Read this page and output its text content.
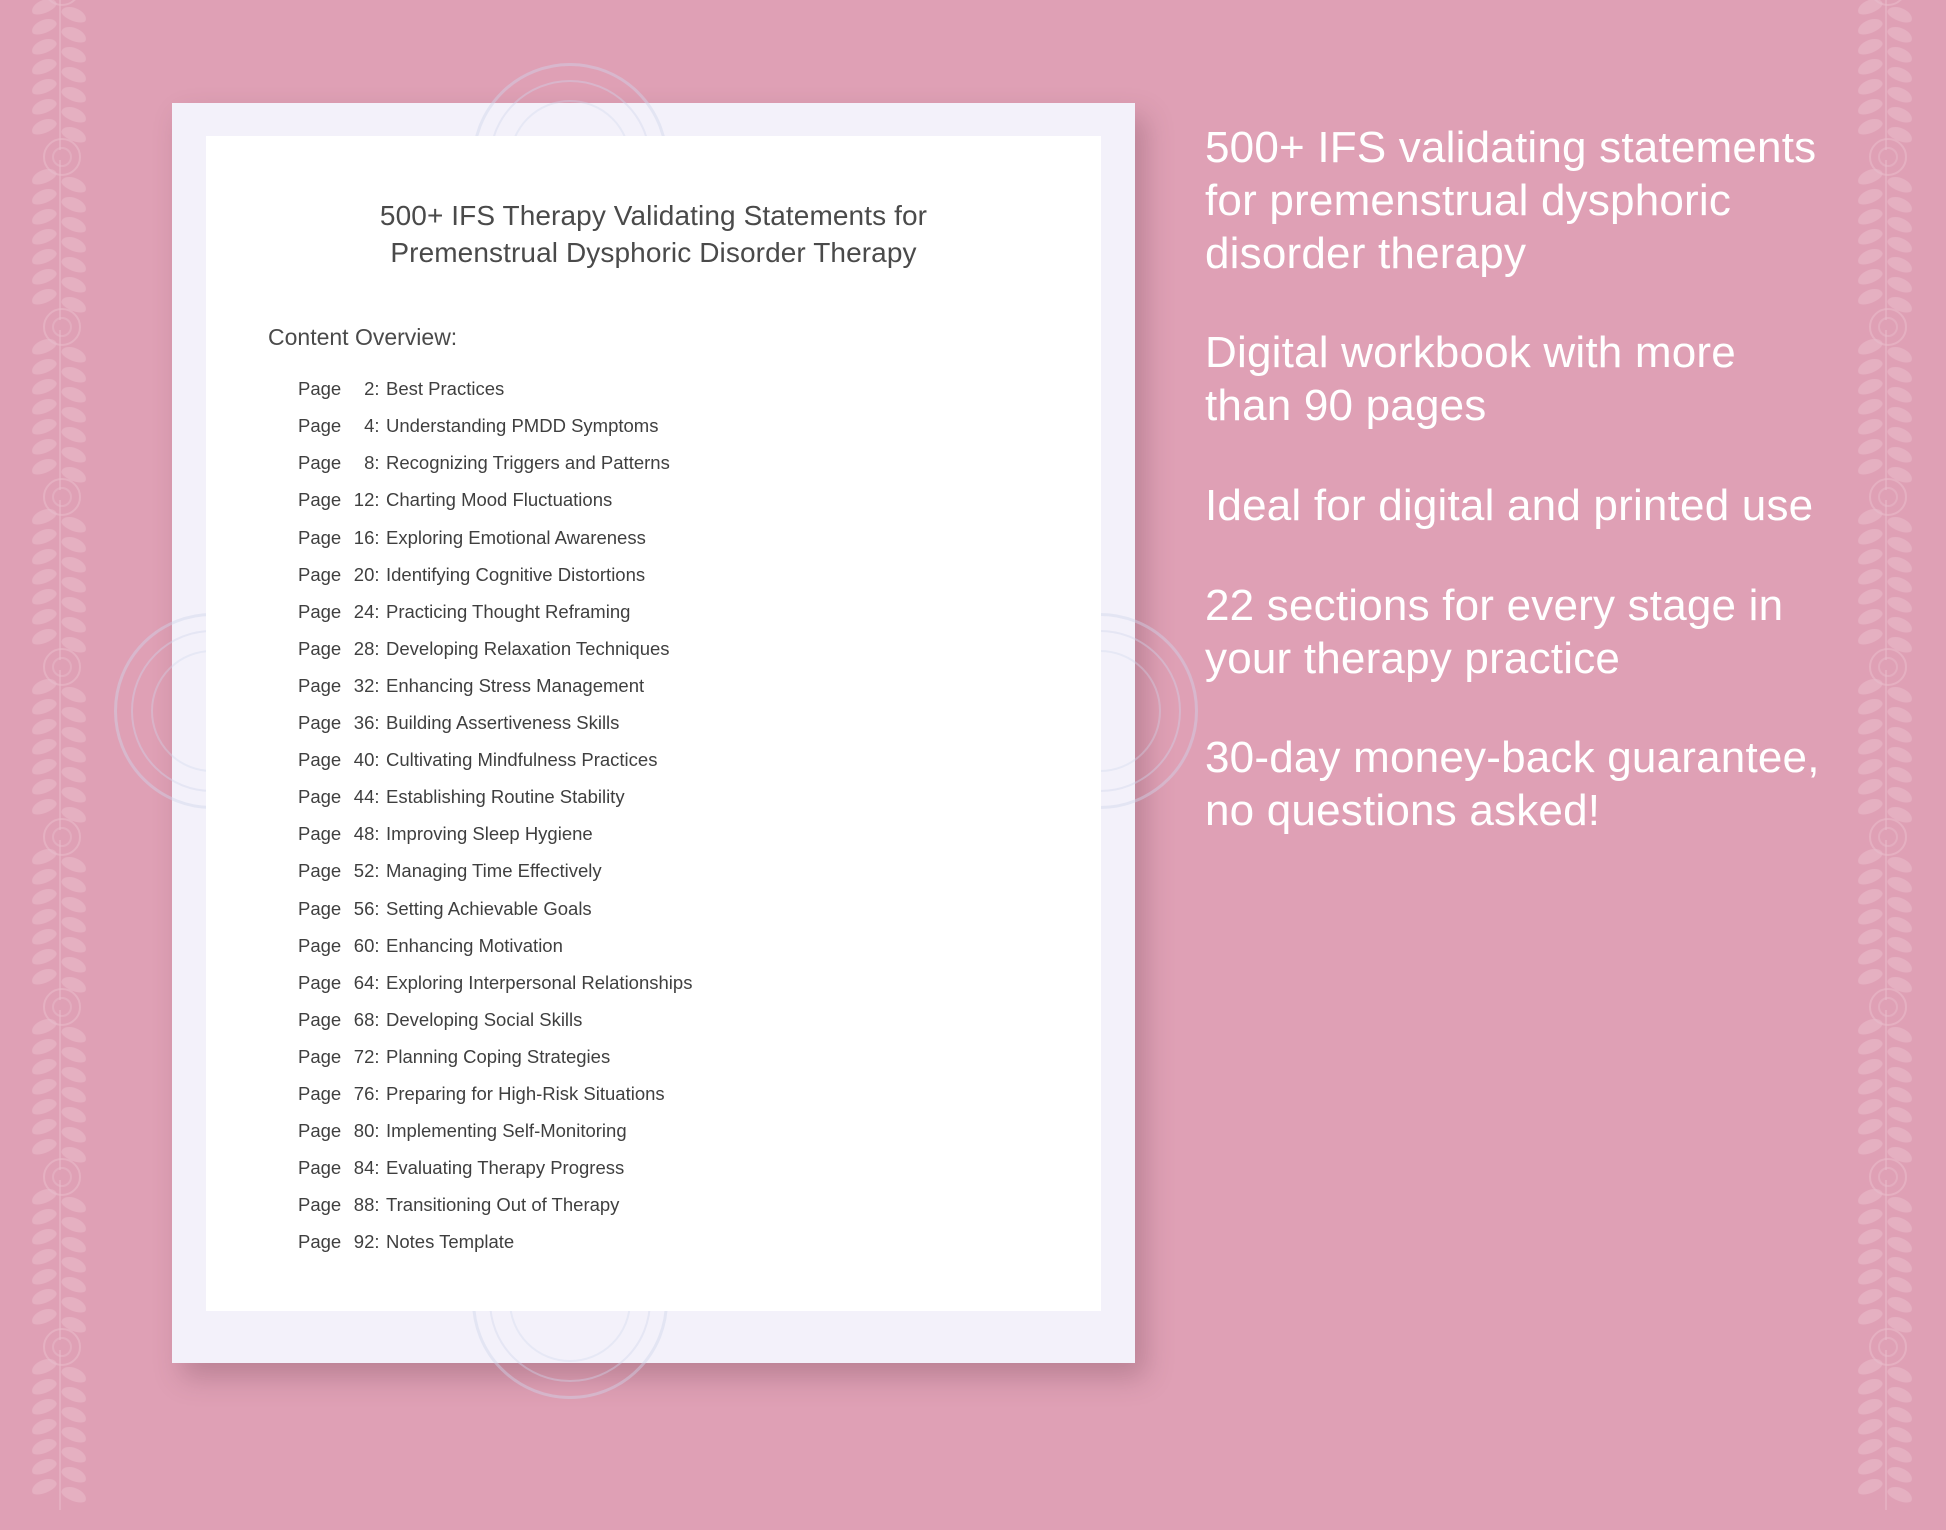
500+ IFS Therapy Validating Statements for Premenstrual Dysphoric Disorder Therapy
Content Overview:
Page 2: Best Practices
Page 4: Understanding PMDD Symptoms
Page 8: Recognizing Triggers and Patterns
Page 12: Charting Mood Fluctuations
Page 16: Exploring Emotional Awareness
Page 20: Identifying Cognitive Distortions
Page 24: Practicing Thought Reframing
Page 28: Developing Relaxation Techniques
Page 32: Enhancing Stress Management
Page 36: Building Assertiveness Skills
Page 40: Cultivating Mindfulness Practices
Page 44: Establishing Routine Stability
Page 48: Improving Sleep Hygiene
Page 52: Managing Time Effectively
Page 56: Setting Achievable Goals
Page 60: Enhancing Motivation
Page 64: Exploring Interpersonal Relationships
Page 68: Developing Social Skills
Page 72: Planning Coping Strategies
Page 76: Preparing for High-Risk Situations
Page 80: Implementing Self-Monitoring
Page 84: Evaluating Therapy Progress
Page 88: Transitioning Out of Therapy
Page 92: Notes Template

500+ IFS validating statements for premenstrual dysphoric disorder therapy

Digital workbook with more than 90 pages

Ideal for digital and printed use

22 sections for every stage in your therapy practice

30-day money-back guarantee, no questions asked!
